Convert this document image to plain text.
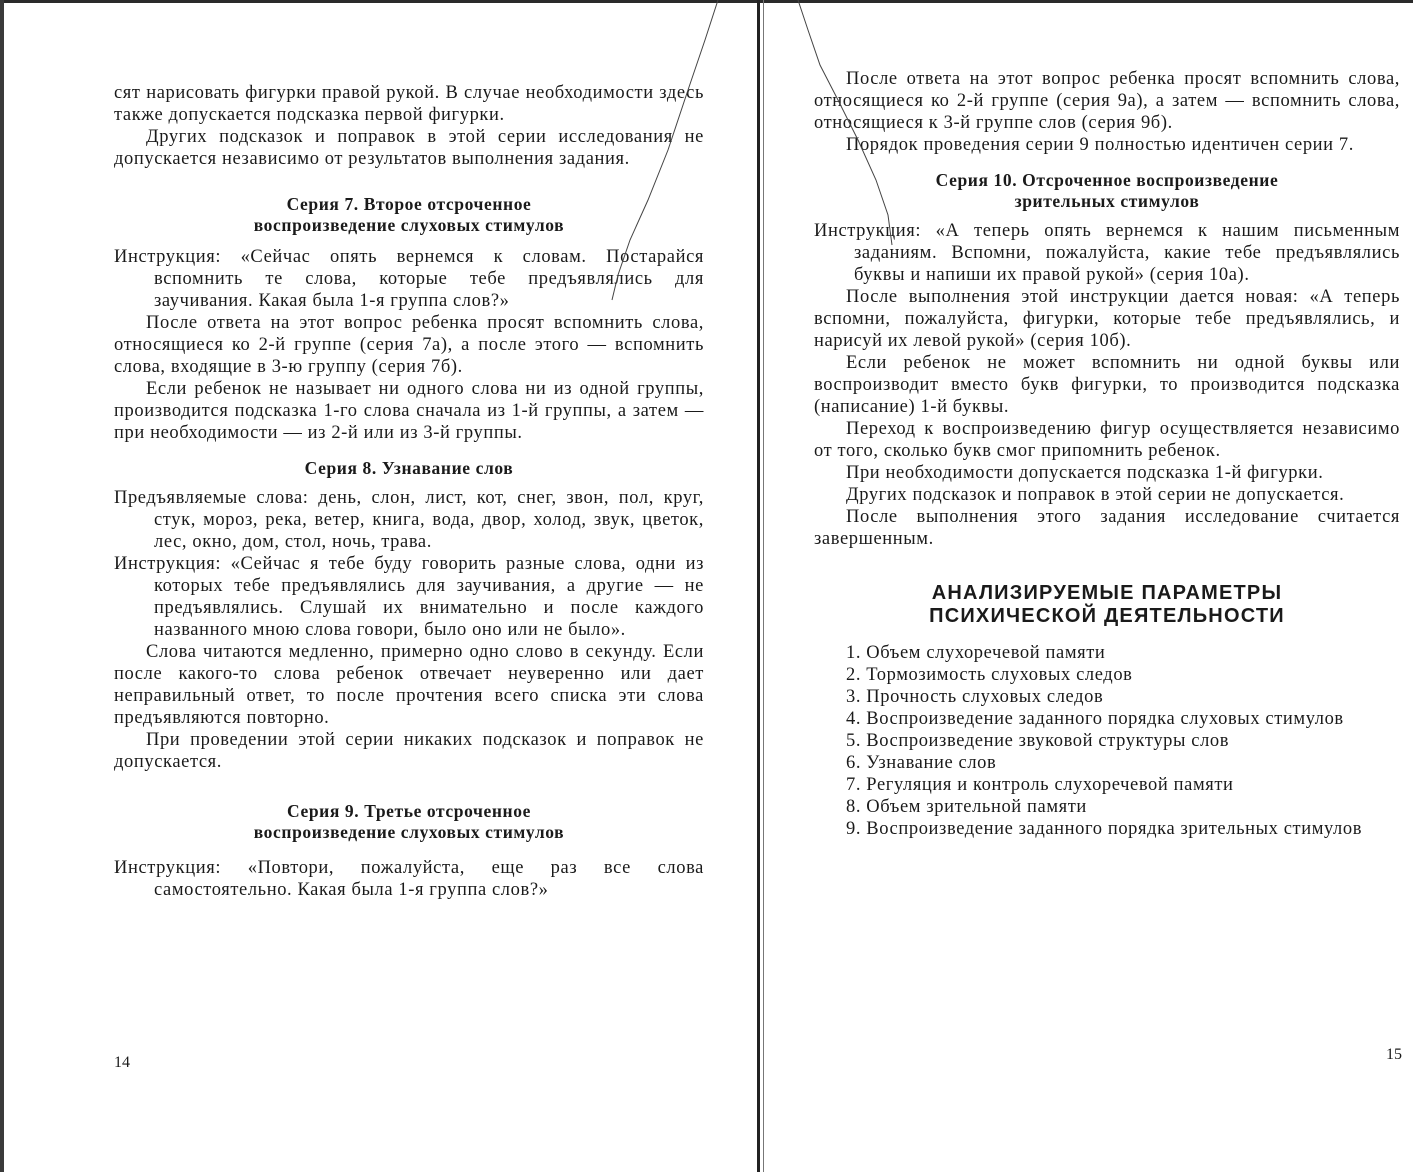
сят нарисовать фигурки правой рукой. В случае необходимости здесь также допускается подсказка первой фигурки.

Других подсказок и поправок в этой серии исследования не допускается независимо от результатов выполнения задания.

Серия 7. Второе отсроченное

воспроизведение слуховых стимулов

Инструкция: «Сейчас опять вернемся к словам. Постарайся вспомнить те слова, которые тебе предъявлялись для заучивания. Какая была 1-я группа слов?»

После ответа на этот вопрос ребенка просят вспомнить слова, относящиеся ко 2-й группе (серия 7а), а после этого — вспомнить слова, входящие в 3-ю группу (серия 7б).

Если ребенок не называет ни одного слова ни из одной группы, производится подсказка 1-го слова сначала из 1-й группы, а затем — при необходимости — из 2-й или из 3-й группы.

Серия 8. Узнавание слов

Предъявляемые слова: день, слон, лист, кот, снег, звон, пол, круг, стук, мороз, река, ветер, книга, вода, двор, холод, звук, цветок, лес, окно, дом, стол, ночь, трава.

Инструкция: «Сейчас я тебе буду говорить разные слова, одни из которых тебе предъявлялись для заучивания, а другие — не предъявлялись. Слушай их внимательно и после каждого названного мною слова говори, было оно или не было».

Слова читаются медленно, примерно одно слово в секунду. Если после какого-то слова ребенок отвечает неуверенно или дает неправильный ответ, то после прочтения всего списка эти слова предъявляются повторно.

При проведении этой серии никаких подсказок и поправок не допускается.

Серия 9. Третье отсроченное

воспроизведение слуховых стимулов

Инструкция: «Повтори, пожалуйста, еще раз все слова самостоятельно. Какая была 1-я группа слов?»

14

После ответа на этот вопрос ребенка просят вспомнить слова, относящиеся ко 2-й группе (серия 9а), а затем — вспомнить слова, относящиеся к 3-й группе слов (серия 9б).

Порядок проведения серии 9 полностью идентичен серии 7.

Серия 10. Отсроченное воспроизведение

зрительных стимулов

Инструкция: «А теперь опять вернемся к нашим письменным заданиям. Вспомни, пожалуйста, какие тебе предъявлялись буквы и напиши их правой рукой» (серия 10а).

После выполнения этой инструкции дается новая: «А теперь вспомни, пожалуйста, фигурки, которые тебе предъявлялись, и нарисуй их левой рукой» (серия 10б).

Если ребенок не может вспомнить ни одной буквы или воспроизводит вместо букв фигурки, то производится подсказка (написание) 1-й буквы.

Переход к воспроизведению фигур осуществляется независимо от того, сколько букв смог припомнить ребенок.

При необходимости допускается подсказка 1-й фигурки.

Других подсказок и поправок в этой серии не допускается.

После выполнения этого задания исследование считается завершенным.

АНАЛИЗИРУЕМЫЕ ПАРАМЕТРЫ

ПСИХИЧЕСКОЙ ДЕЯТЕЛЬНОСТИ

1. Объем слухоречевой памяти
2. Тормозимость слуховых следов
3. Прочность слуховых следов
4. Воспроизведение заданного порядка слуховых стимулов
5. Воспроизведение звуковой структуры слов
6. Узнавание слов
7. Регуляция и контроль слухоречевой памяти
8. Объем зрительной памяти
9. Воспроизведение заданного порядка зрительных стимулов
15
